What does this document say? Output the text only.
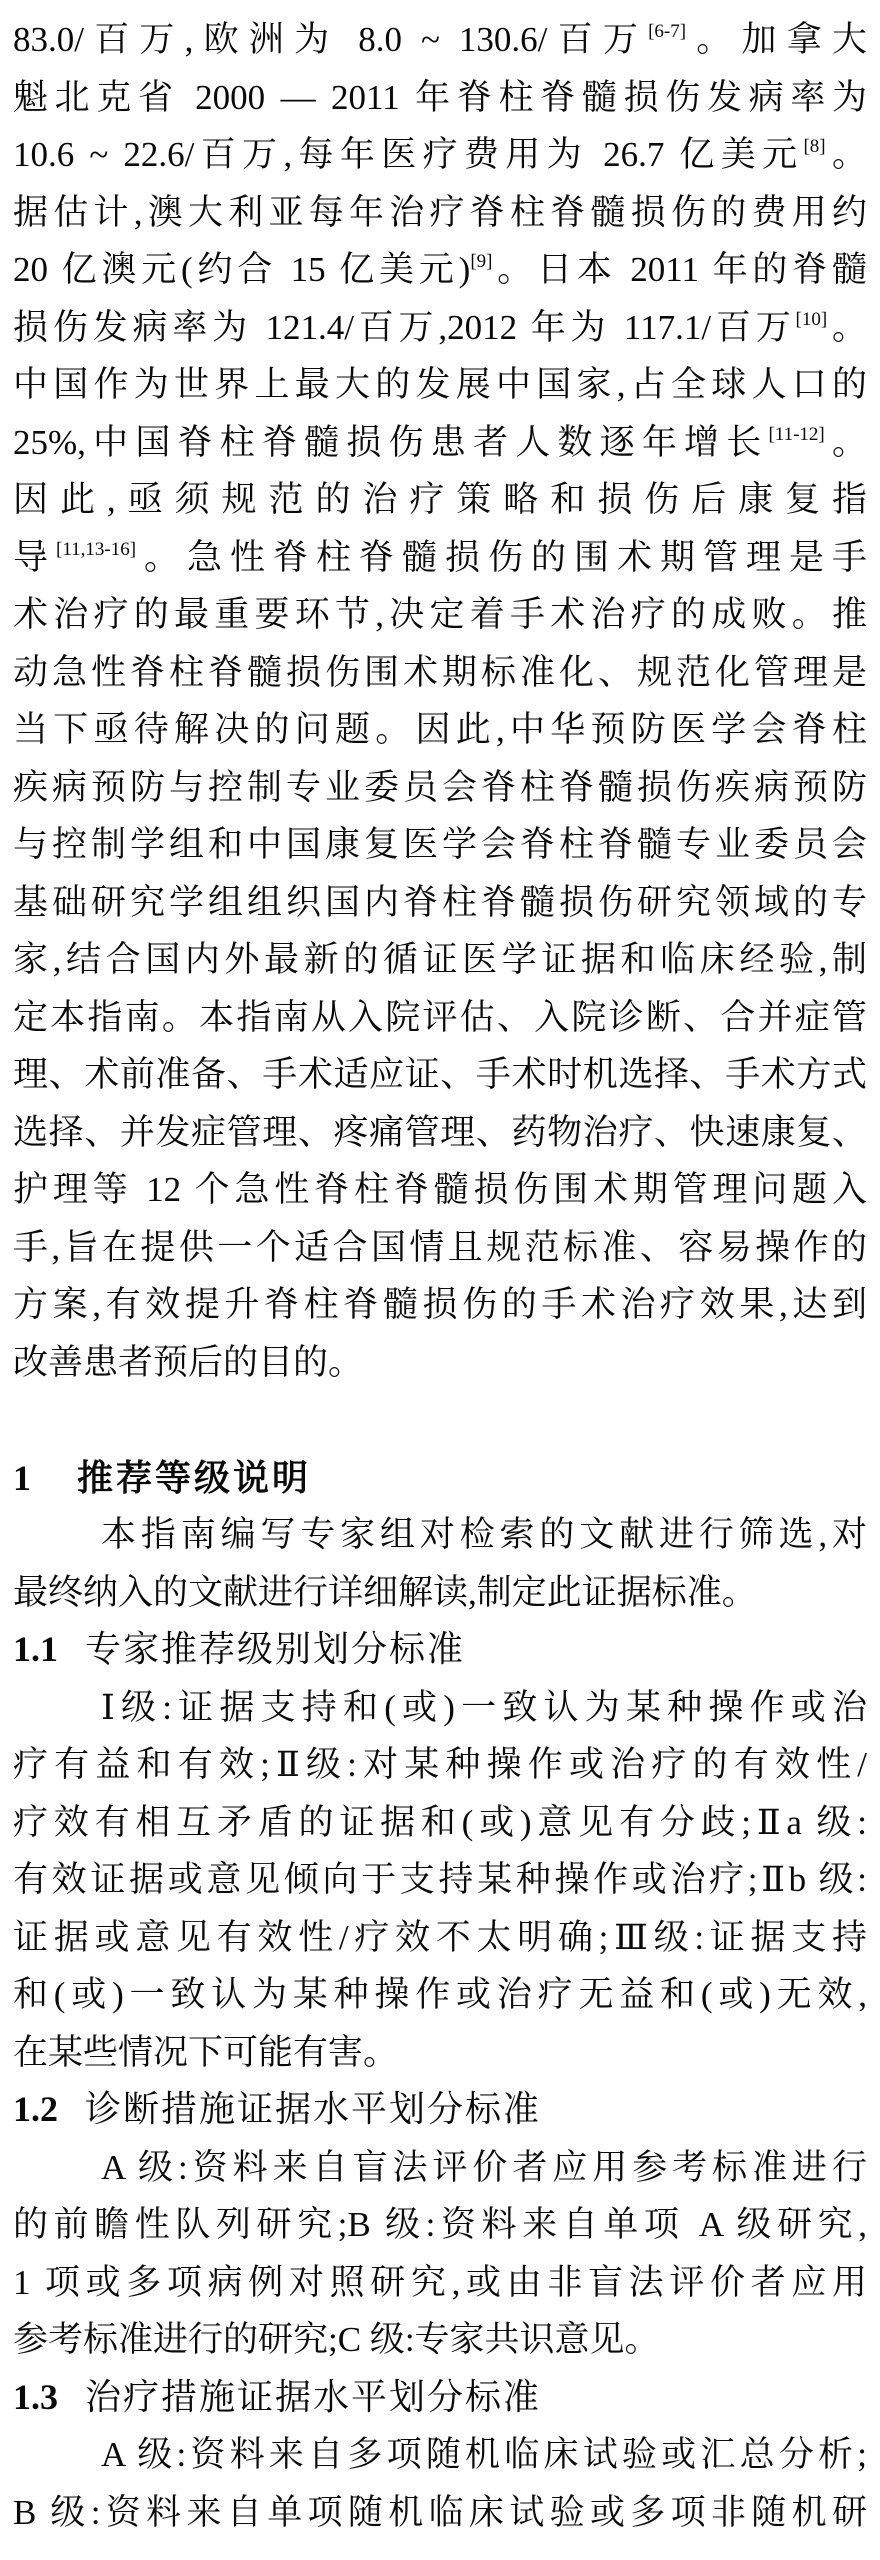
83.0/百万,欧洲为 8.0 ~ 130.6/百万[6-7]。加拿大
魁北克省 2000 — 2011 年脊柱脊髓损伤发病率为
10.6 ~ 22.6/百万,每年医疗费用为 26.7 亿美元[8]。
据估计,澳大利亚每年治疗脊柱脊髓损伤的费用约
20 亿澳元(约合 15 亿美元)[9]。日本 2011 年的脊髓
损伤发病率为 121.4/百万,2012 年为 117.1/百万[10]。
中国作为世界上最大的发展中国家,占全球人口的
25%,中国脊柱脊髓损伤患者人数逐年增长[11-12]。
因此,亟须规范的治疗策略和损伤后康复指
导[11,13-16]。急性脊柱脊髓损伤的围术期管理是手
术治疗的最重要环节,决定着手术治疗的成败。推
动急性脊柱脊髓损伤围术期标准化、规范化管理是
当下亟待解决的问题。因此,中华预防医学会脊柱
疾病预防与控制专业委员会脊柱脊髓损伤疾病预防
与控制学组和中国康复医学会脊柱脊髓专业委员会
基础研究学组组织国内脊柱脊髓损伤研究领域的专
家,结合国内外最新的循证医学证据和临床经验,制
定本指南。本指南从入院评估、入院诊断、合并症管
理、术前准备、手术适应证、手术时机选择、手术方式
选择、并发症管理、疼痛管理、药物治疗、快速康复、
护理等 12 个急性脊柱脊髓损伤围术期管理问题入
手,旨在提供一个适合国情且规范标准、容易操作的
方案,有效提升脊柱脊髓损伤的手术治疗效果,达到
改善患者预后的目的。
1 推荐等级说明
本指南编写专家组对检索的文献进行筛选,对
最终纳入的文献进行详细解读,制定此证据标准。
1.1 专家推荐级别划分标准
Ⅰ级:证据支持和(或)一致认为某种操作或治
疗有益和有效;Ⅱ级:对某种操作或治疗的有效性/
疗效有相互矛盾的证据和(或)意见有分歧;Ⅱa 级:
有效证据或意见倾向于支持某种操作或治疗;Ⅱb 级:
证据或意见有效性/疗效不太明确;Ⅲ级:证据支持
和(或)一致认为某种操作或治疗无益和(或)无效,
在某些情况下可能有害。
1.2 诊断措施证据水平划分标准
A 级:资料来自盲法评价者应用参考标准进行
的前瞻性队列研究;B 级:资料来自单项 A 级研究,
1 项或多项病例对照研究,或由非盲法评价者应用
参考标准进行的研究;C 级:专家共识意见。
1.3 治疗措施证据水平划分标准
A 级:资料来自多项随机临床试验或汇总分析;
B 级:资料来自单项随机临床试验或多项非随机研
